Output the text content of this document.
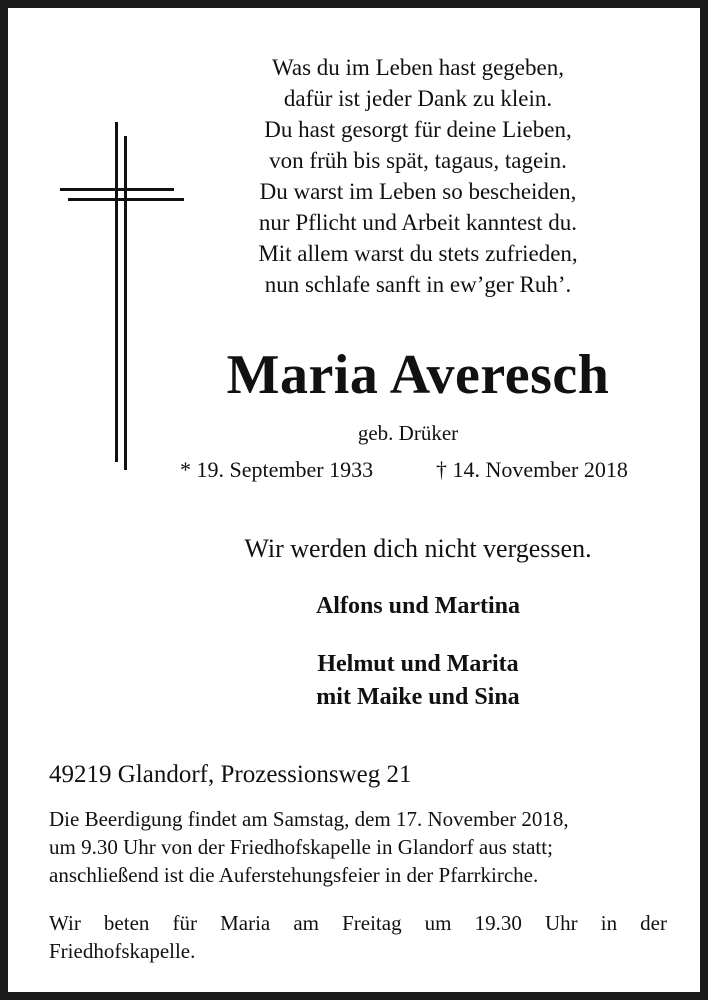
Was du im Leben hast gegeben,
dafür ist jeder Dank zu klein.
Du hast gesorgt für deine Lieben,
von früh bis spät, tagaus, tagein.
Du warst im Leben so bescheiden,
nur Pflicht und Arbeit kanntest du.
Mit allem warst du stets zufrieden,
nun schlafe sanft in ew’ger Ruh’.
Maria Averesch
geb. Drüker
* 19. September 1933	† 14. November 2018
Wir werden dich nicht vergessen.
Alfons und Martina
Helmut und Marita
mit Maike und Sina
49219 Glandorf, Prozessionsweg 21
Die Beerdigung findet am Samstag, dem 17. November 2018,
um 9.30 Uhr von der Friedhofskapelle in Glandorf aus statt;
anschließend ist die Auferstehungsfeier in der Pfarrkirche.
Wir beten für Maria am Freitag um 19.30 Uhr in der
Friedhofskapelle.
